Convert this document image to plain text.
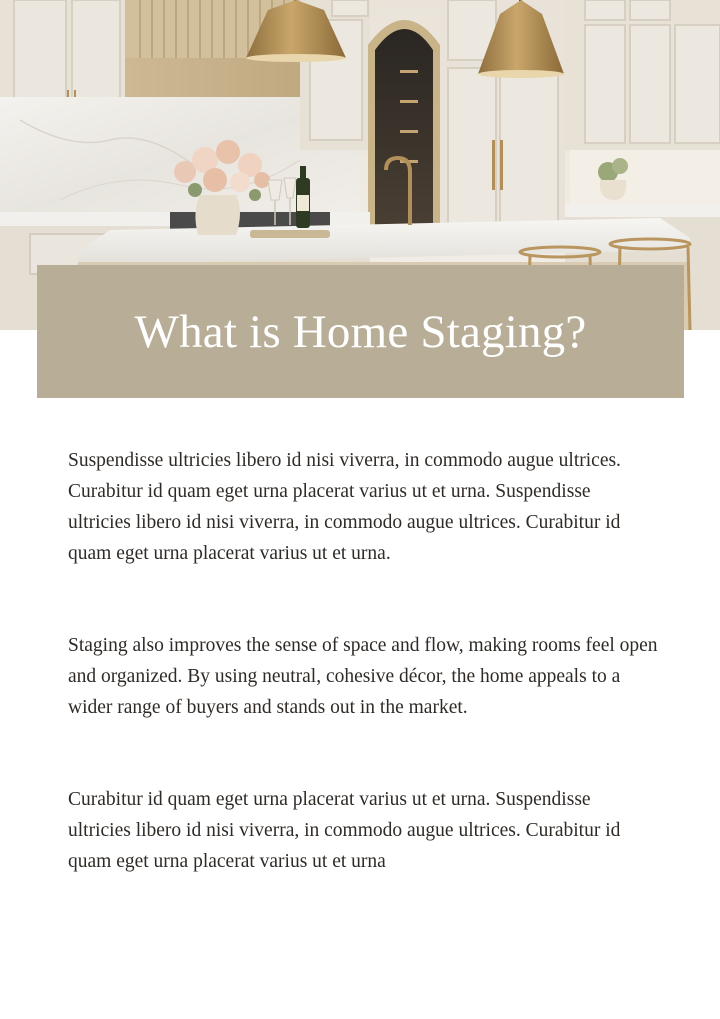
What is Home Staging?

Suspendisse ultricies libero id nisi viverra, in commodo augue ultrices. Curabitur id quam eget urna placerat varius ut et urna. Suspendisse ultricies libero id nisi viverra, in commodo augue ultrices. Curabitur id quam eget urna placerat varius ut et urna.

Staging also improves the sense of space and flow, making rooms feel open and organized. By using neutral, cohesive décor, the home appeals to a wider range of buyers and stands out in the market.

Curabitur id quam eget urna placerat varius ut et urna. Suspendisse ultricies libero id nisi viverra, in commodo augue ultrices. Curabitur id quam eget urna placerat varius ut et urna
